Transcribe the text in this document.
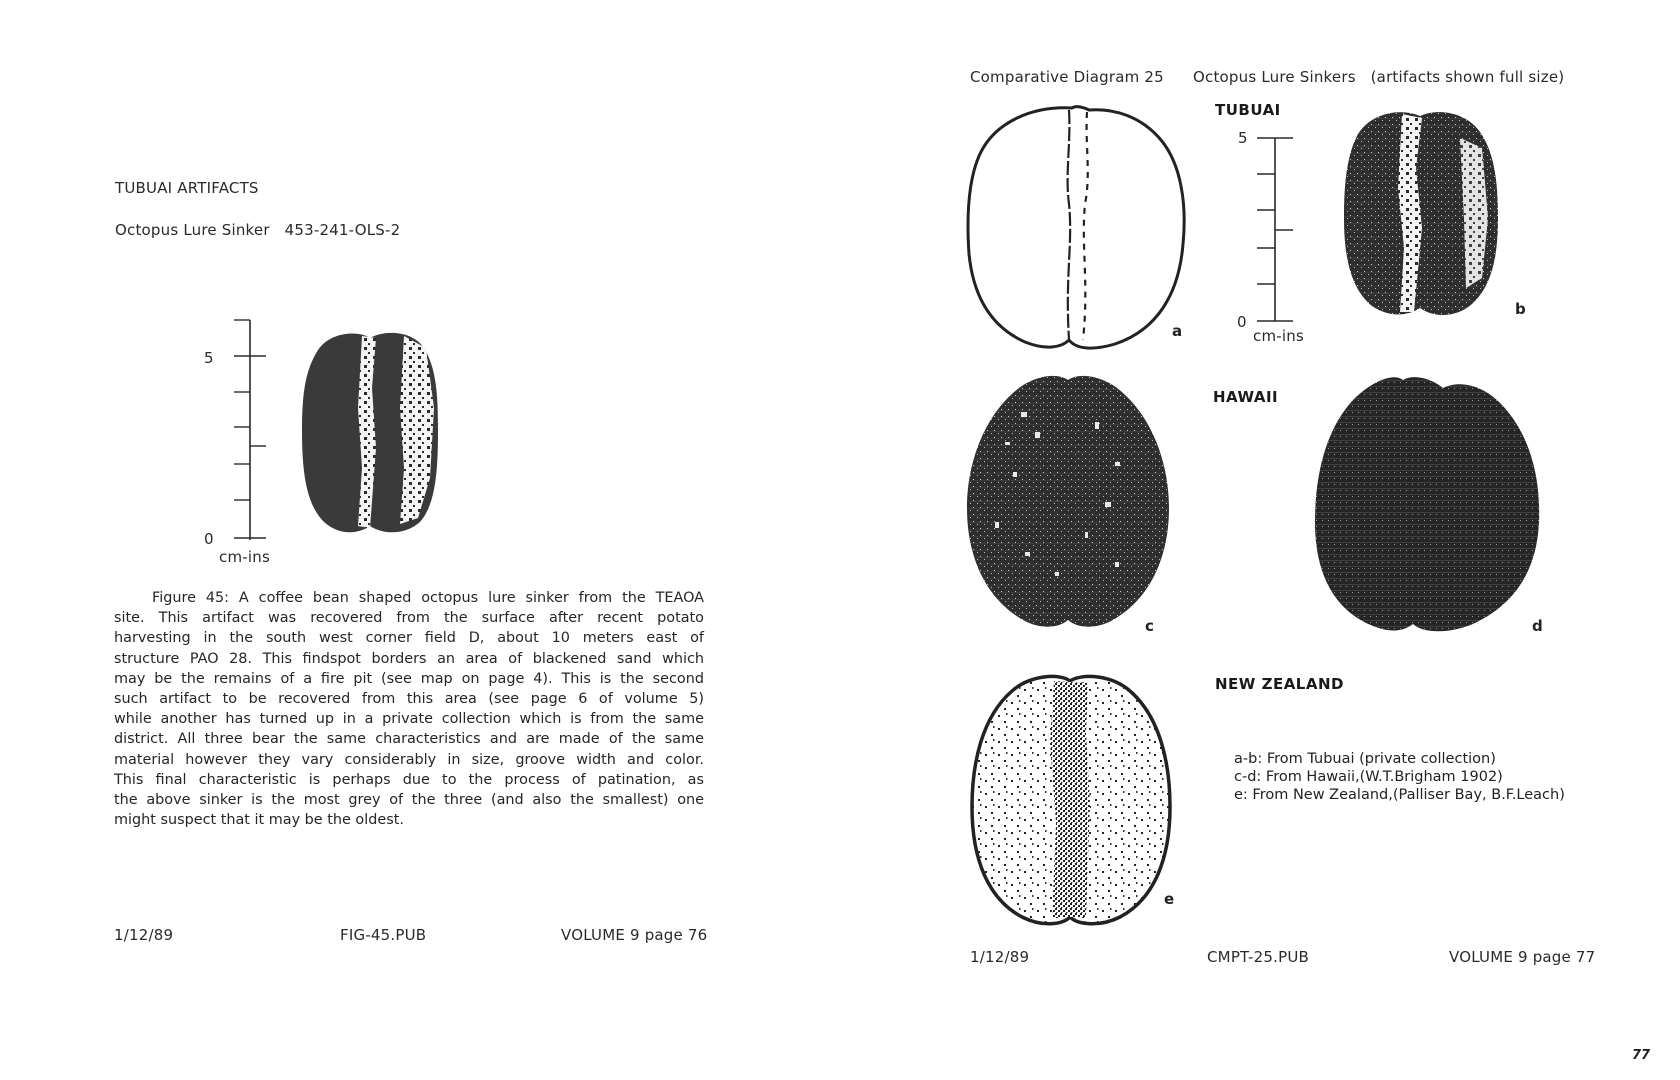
TUBUAI ARTIFACTS
Octopus Lure Sinker   453-241-OLS-2
5
0
cm-ins
Figure 45: A coffee bean shaped octopus lure sinker from the TEAOA
site. This artifact was recovered from the surface after recent potato
harvesting in the south west corner field D, about 10 meters east of
structure PAO 28. This findspot borders an area of blackened sand which
may be the remains of a fire pit (see map on page 4). This is the second
such artifact to be recovered from this area (see page 6 of volume 5)
while another has turned up in a private collection which is from the same
district. All three bear the same characteristics and are made of the same
material however they vary considerably in size, groove width and color.
This final characteristic is perhaps due to the process of patination, as
the above sinker is the most grey of the three (and also the smallest) one
might suspect that it may be the oldest.
1/12/89	FIG-45.PUB	VOLUME 9 page 76
Comparative Diagram 25 Octopus Lure Sinkers   (artifacts shown full size)
a
TUBUAI
5
0
cm-ins
b
HAWAII
c	d
NEW ZEALAND
e
a-b: From Tubuai (private collection)
c-d: From Hawaii,(W.T.Brigham 1902)
e: From New Zealand,(Palliser Bay, B.F.Leach)
1/12/89	CMPT-25.PUB	VOLUME 9 page 77
77
